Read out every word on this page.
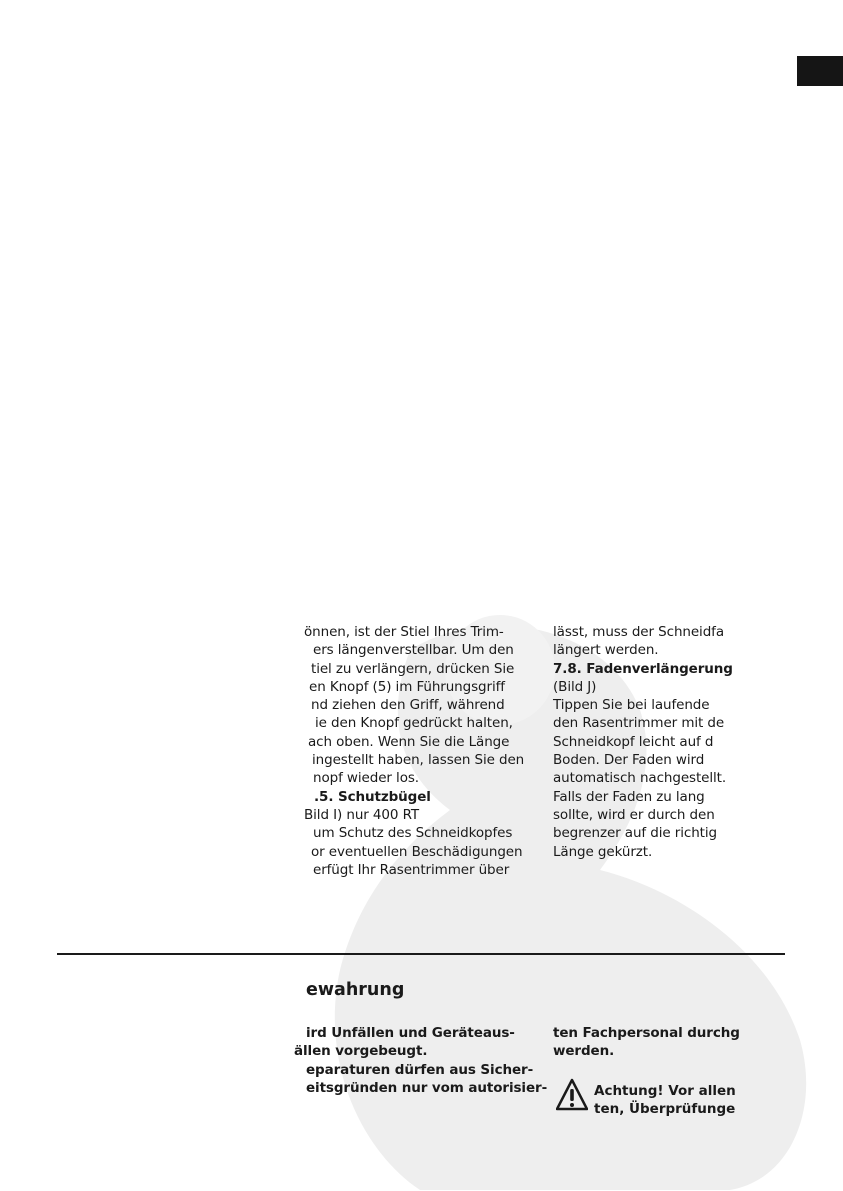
önnen, ist der Stiel Ihres Trim-
ers längenverstellbar. Um den
tiel zu verlängern, drücken Sie
en Knopf (5) im Führungsgriff
nd ziehen den Griff, während
ie den Knopf gedrückt halten,
ach oben. Wenn Sie die Länge
ingestellt haben, lassen Sie den
nopf wieder los.
.5. Schutzbügel
Bild I) nur 400 RT
um Schutz des Schneidkopfes
or eventuellen Beschädigungen
erfügt Ihr Rasentrimmer über
lässt, muss der Schneidfa
längert werden.
7.8. Fadenverlängerung
(Bild J)
Tippen Sie bei laufende
den Rasentrimmer mit de
Schneidkopf leicht auf d
Boden. Der Faden wird
automatisch nachgestellt.
Falls der Faden zu lang
sollte, wird er durch den
begrenzer auf die richtig
Länge gekürzt.
ewahrung
ird Unfällen und Geräteaus-
ällen vorgebeugt.
eparaturen dürfen aus Sicher-
eitsgründen nur vom autorisier-
ten Fachpersonal durchg
werden.
Achtung! Vor allen
ten, Überprüfunge
